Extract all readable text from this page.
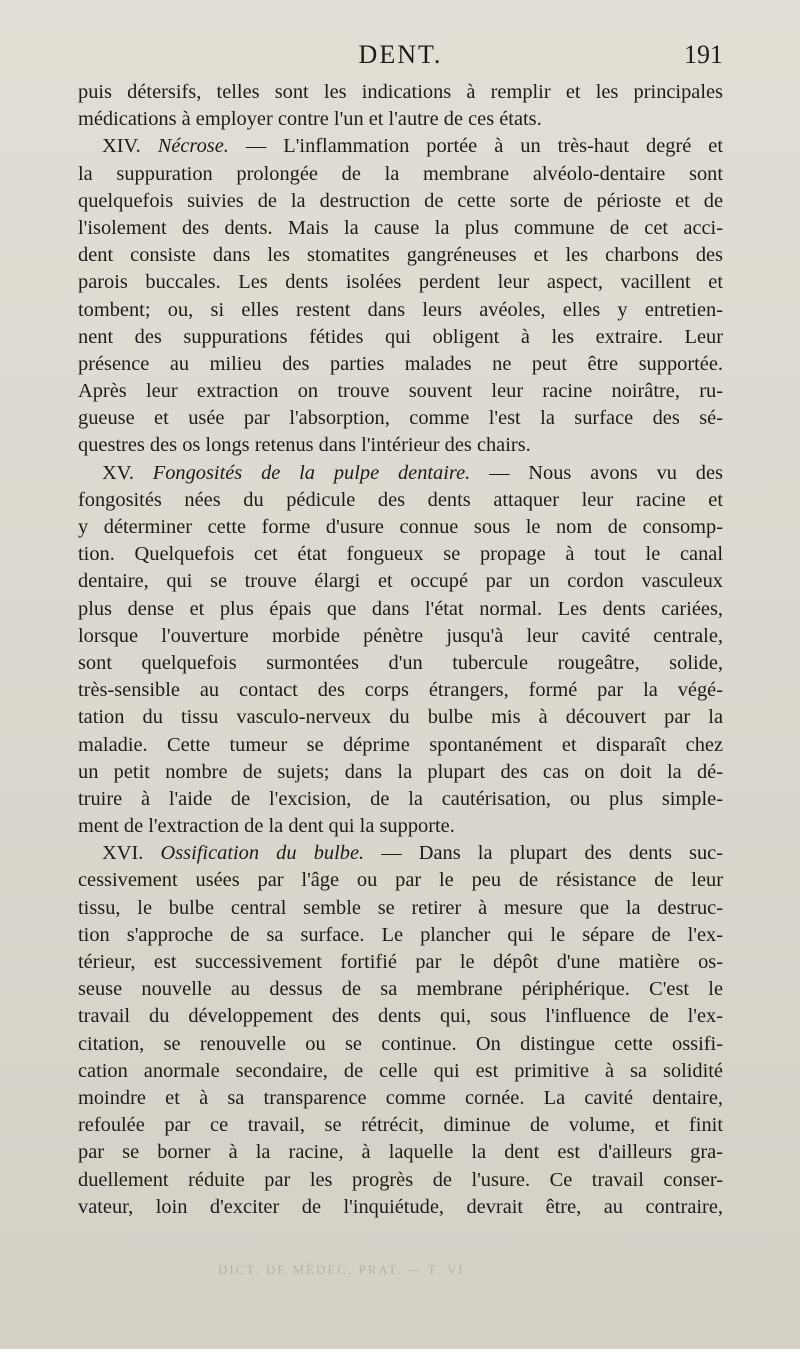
DENT.	191
puis détersifs, telles sont les indications à remplir et les principales
médications à employer contre l'un et l'autre de ces états.
XIV. Nécrose. — L'inflammation portée à un très-haut degré et
la suppuration prolongée de la membrane alvéolo-dentaire sont
quelquefois suivies de la destruction de cette sorte de périoste et de
l'isolement des dents. Mais la cause la plus commune de cet acci-
dent consiste dans les stomatites gangréneuses et les charbons des
parois buccales. Les dents isolées perdent leur aspect, vacillent et
tombent; ou, si elles restent dans leurs avéoles, elles y entretien-
nent des suppurations fétides qui obligent à les extraire. Leur
présence au milieu des parties malades ne peut être supportée.
Après leur extraction on trouve souvent leur racine noirâtre, ru-
gueuse et usée par l'absorption, comme l'est la surface des sé-
questres des os longs retenus dans l'intérieur des chairs.
XV. Fongosités de la pulpe dentaire. — Nous avons vu des
fongosités nées du pédicule des dents attaquer leur racine et
y déterminer cette forme d'usure connue sous le nom de consomp-
tion. Quelquefois cet état fongueux se propage à tout le canal
dentaire, qui se trouve élargi et occupé par un cordon vasculeux
plus dense et plus épais que dans l'état normal. Les dents cariées,
lorsque l'ouverture morbide pénètre jusqu'à leur cavité centrale,
sont quelquefois surmontées d'un tubercule rougeâtre, solide,
très-sensible au contact des corps étrangers, formé par la végé-
tation du tissu vasculo-nerveux du bulbe mis à découvert par la
maladie. Cette tumeur se déprime spontanément et disparaît chez
un petit nombre de sujets; dans la plupart des cas on doit la dé-
truire à l'aide de l'excision, de la cautérisation, ou plus simple-
ment de l'extraction de la dent qui la supporte.
XVI. Ossification du bulbe. — Dans la plupart des dents suc-
cessivement usées par l'âge ou par le peu de résistance de leur
tissu, le bulbe central semble se retirer à mesure que la destruc-
tion s'approche de sa surface. Le plancher qui le sépare de l'ex-
térieur, est successivement fortifié par le dépôt d'une matière os-
seuse nouvelle au dessus de sa membrane périphérique. C'est le
travail du développement des dents qui, sous l'influence de l'ex-
citation, se renouvelle ou se continue. On distingue cette ossifi-
cation anormale secondaire, de celle qui est primitive à sa solidité
moindre et à sa transparence comme cornée. La cavité dentaire,
refoulée par ce travail, se rétrécit, diminue de volume, et finit
par se borner à la racine, à laquelle la dent est d'ailleurs gra-
duellement réduite par les progrès de l'usure. Ce travail conser-
vateur, loin d'exciter de l'inquiétude, devrait être, au contraire,
DICT. DE MÉDEC. PRAT. — T. VI.
